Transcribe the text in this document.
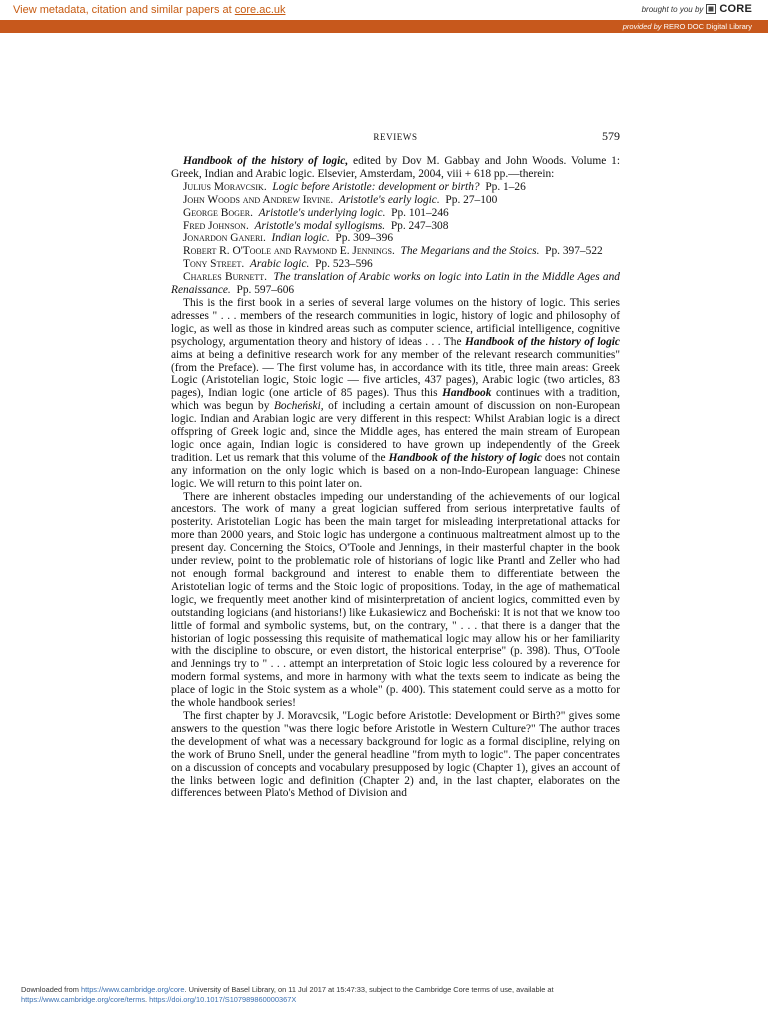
View metadata, citation and similar papers at core.ac.uk	brought to you by CORE
provided by RERO DOC Digital Library
REVIEWS	579

Handbook of the history of logic, edited by Dov M. Gabbay and John Woods. Volume 1: Greek, Indian and Arabic logic. Elsevier, Amsterdam, 2004, viii + 618 pp.—therein:

Julius Moravcsik. Logic before Aristotle: development or birth? Pp. 1–26

John Woods and Andrew Irvine. Aristotle's early logic. Pp. 27–100

George Boger. Aristotle's underlying logic. Pp. 101–246

Fred Johnson. Aristotle's modal syllogisms. Pp. 247–308

Jonardon Ganeri. Indian logic. Pp. 309–396

Robert R. O'Toole and Raymond E. Jennings. The Megarians and the Stoics. Pp. 397–522

Tony Street. Arabic logic. Pp. 523–596

Charles Burnett. The translation of Arabic works on logic into Latin in the Middle Ages and Renaissance. Pp. 597–606

This is the first book in a series of several large volumes on the history of logic. This series adresses " . . . members of the research communities in logic, history of logic and philosophy of logic, as well as those in kindred areas such as computer science, artificial intelligence, cognitive psychology, argumentation theory and history of ideas . . . The Handbook of the history of logic aims at being a definitive research work for any member of the relevant research communities" (from the Preface). — The first volume has, in accordance with its title, three main areas: Greek Logic (Aristotelian logic, Stoic logic — five articles, 437 pages), Arabic logic (two articles, 83 pages), Indian logic (one article of 85 pages). Thus this Handbook continues with a tradition, which was begun by Bocheński, of including a certain amount of discussion on non-European logic. Indian and Arabian logic are very different in this respect: Whilst Arabian logic is a direct offspring of Greek logic and, since the Middle ages, has entered the main stream of European logic once again, Indian logic is considered to have grown up independently of the Greek tradition. Let us remark that this volume of the Handbook of the history of logic does not contain any information on the only logic which is based on a non-Indo-European language: Chinese logic. We will return to this point later on.

There are inherent obstacles impeding our understanding of the achievements of our logical ancestors. The work of many a great logician suffered from serious interpretative faults of posterity. Aristotelian Logic has been the main target for misleading interpretational attacks for more than 2000 years, and Stoic logic has undergone a continuous maltreatment almost up to the present day. Concerning the Stoics, O'Toole and Jennings, in their masterful chapter in the book under review, point to the problematic role of historians of logic like Prantl and Zeller who had not enough formal background and interest to enable them to differentiate between the Aristotelian logic of terms and the Stoic logic of propositions. Today, in the age of mathematical logic, we frequently meet another kind of misinterpretation of ancient logics, committed even by outstanding logicians (and historians!) like Łukasiewicz and Bocheński: It is not that we know too little of formal and symbolic systems, but, on the contrary, " . . . that there is a danger that the historian of logic possessing this requisite of mathematical logic may allow his or her familiarity with the discipline to obscure, or even distort, the historical enterprise" (p. 398). Thus, O'Toole and Jennings try to " . . . attempt an interpretation of Stoic logic less coloured by a reverence for modern formal systems, and more in harmony with what the texts seem to indicate as being the place of logic in the Stoic system as a whole" (p. 400). This statement could serve as a motto for the whole handbook series!

The first chapter by J. Moravcsik, "Logic before Aristotle: Development or Birth?" gives some answers to the question "was there logic before Aristotle in Western Culture?" The author traces the development of what was a necessary background for logic as a formal discipline, relying on the work of Bruno Snell, under the general headline "from myth to logic". The paper concentrates on a discussion of concepts and vocabulary presupposed by logic (Chapter 1), gives an account of the links between logic and definition (Chapter 2) and, in the last chapter, elaborates on the differences between Plato's Method of Division and

Downloaded from https://www.cambridge.org/core. University of Basel Library, on 11 Jul 2017 at 15:47:33, subject to the Cambridge Core terms of use, available at
https://www.cambridge.org/core/terms. https://doi.org/10.1017/S107989860000367X
